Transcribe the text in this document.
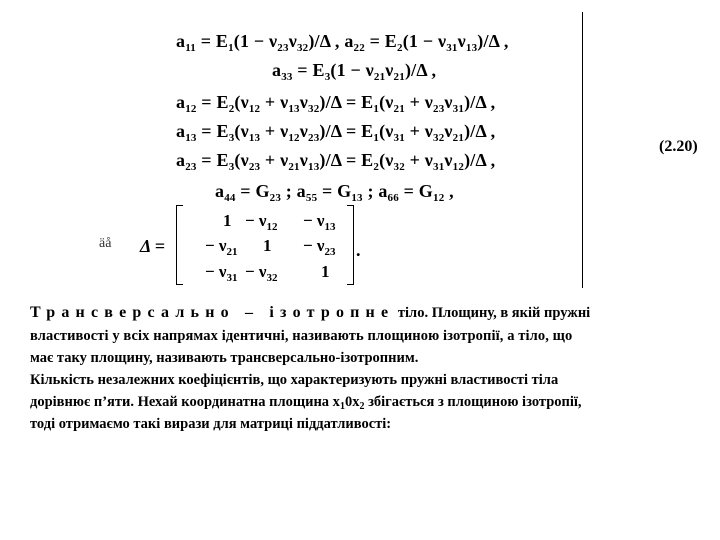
$a_{11} = E_1(1 - \nu_{23}\nu_{32})/\Delta$ , $a_{22} = E_2(1 - \nu_{31}\nu_{13})/\Delta$ ,
$a_{33} = E_3(1 - \nu_{21}\nu_{21})/\Delta$ ,
$a_{12} = E_2(\nu_{12} + \nu_{13}\nu_{32})/\Delta = E_1(\nu_{21} + \nu_{23}\nu_{31})/\Delta$ ,
$a_{13} = E_3(\nu_{13} + \nu_{12}\nu_{23})/\Delta = E_1(\nu_{31} + \nu_{32}\nu_{21})/\Delta$ ,
$a_{23} = E_3(\nu_{23} + \nu_{21}\nu_{13})/\Delta = E_2(\nu_{32} + \nu_{31}\nu_{12})/\Delta$ ,
$a_{44} = G_{23}$ ; $a_{55} = G_{13}$ ; $a_{66} = G_{12}$ ,
(2.20)
äå Δ =
$1 - \nu_{12} - \nu_{13}$
− $\nu_{21}$ $1 - \nu_{23}$
− $\nu_{31} - \nu_{32}$	1
.
Трансверсально – ізотропне тіло. Площину, в якій пружні
властивості у всіх напрямах ідентичні, називають площиною ізотропії, а тіло, що
має таку площину, називають трансверсально-ізотропним.
Кількість незалежних коефіцієнтів, що характеризують пружні властивості тіла
дорівнює п’яти. Нехай координатна площина $x_10x_2$ збігається з площиною ізотропії,
тоді отримаємо такі вирази для матриці піддатливості:
